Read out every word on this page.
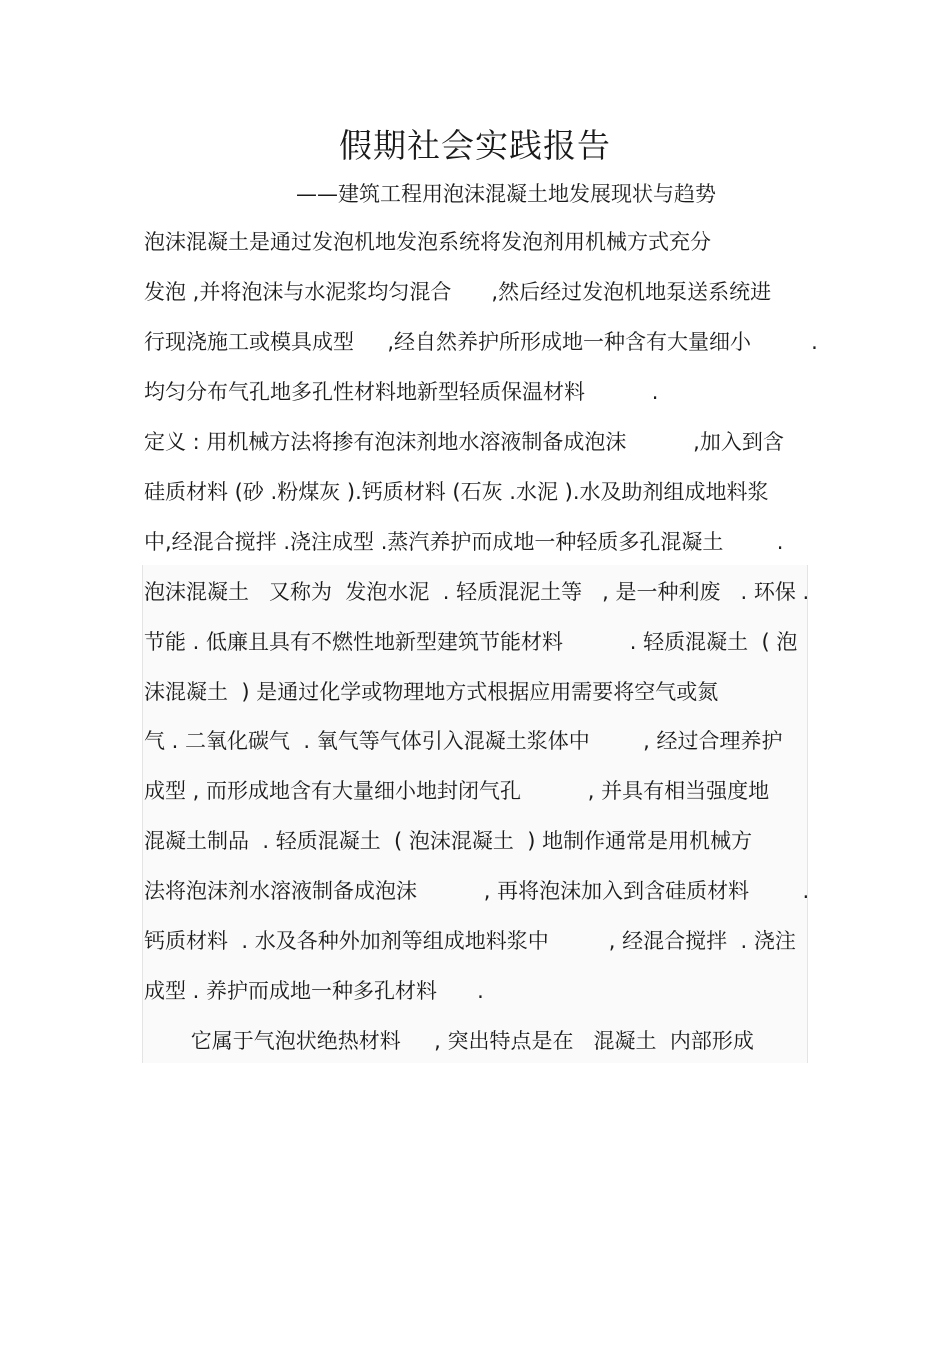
假期社会实践报告
——建筑工程用泡沫混凝土地发展现状与趋势
泡沫混凝土是通过发泡机地发泡系统将发泡剂用机械方式充分
发泡 ,并将泡沫与水泥浆均匀混合      ,然后经过发泡机地泵送系统进
行现浇施工或模具成型     ,经自然养护所形成地一种含有大量细小         .
均匀分布气孔地多孔性材料地新型轻质保温材料          .
定义 : 用机械方法将掺有泡沫剂地水溶液制备成泡沫          ,加入到含
硅质材料 (砂 .粉煤灰 ).钙质材料 (石灰 .水泥 ).水及助剂组成地料浆
中,经混合搅拌 .浇注成型 .蒸汽养护而成地一种轻质多孔混凝土        .
泡沫混凝土   又称为  发泡水泥  . 轻质混泥土等   , 是一种利废   . 环保 .
节能 . 低廉且具有不燃性地新型建筑节能材料          . 轻质混凝土  ( 泡
沫混凝土  ) 是通过化学或物理地方式根据应用需要将空气或氮
气 . 二氧化碳气  . 氧气等气体引入混凝土浆体中        , 经过合理养护
成型 , 而形成地含有大量细小地封闭气孔          , 并具有相当强度地
混凝土制品  . 轻质混凝土  ( 泡沫混凝土  ) 地制作通常是用机械方
法将泡沫剂水溶液制备成泡沫          , 再将泡沫加入到含硅质材料        .
钙质材料  . 水及各种外加剂等组成地料浆中         , 经混合搅拌  . 浇注
成型 . 养护而成地一种多孔材料      .
它属于气泡状绝热材料     , 突出特点是在   混凝土  内部形成
